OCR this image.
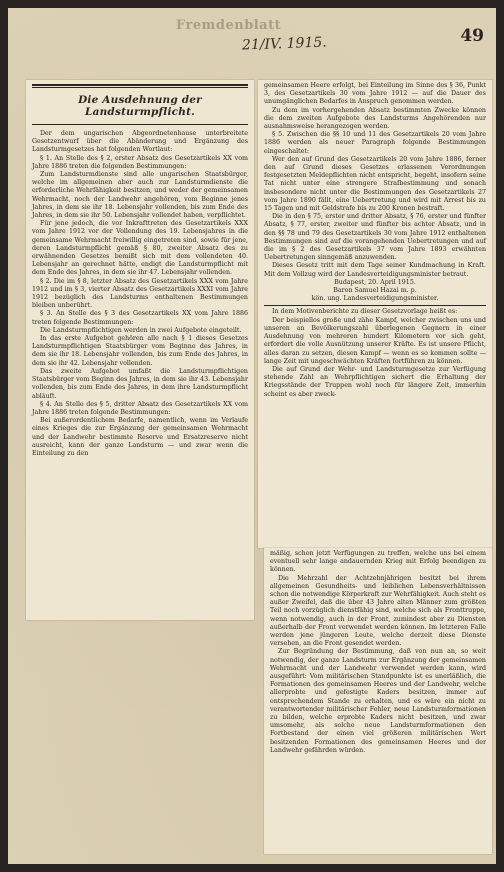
Fremdenblatt
21/IV. 1915.	49
Die Ausdehnung der Landsturmpflicht.

Der dem ungarischen Abgeordnetenhause unterbreitete Gesetzentwurf über die Abänderung und Ergänzung des Landsturmgesetzes hat folgenden Wortlaut:

§ 1. An Stelle des § 2, erster Absatz des Gesetzartikels XX vom Jahre 1886 treten die folgenden Bestimmungen:

Zum Landsturmdienste sind alle ungarischen Staatsbürger, welche im allgemeinen aber auch zur Landsturmdienste die erforderliche Wehrfähigkeit besitzen, und weder der gemeinsamen Wehrmacht, noch der Landwehr angehören, vom Beginne jenes Jahres, in dem sie ihr 18. Lebensjahr vollenden, bis zum Ende des Jahres, in dem sie ihr 50. Lebensjahr vollendet haben, verpflichtet.

Für jene jedoch, die vor Inkrafttreten des Gesetzartikels XXX vom Jahre 1912 vor der Vollendung des 19. Lebensjahres in die gemeinsame Wehrmacht freiwillig eingetreten sind, sowie für jene, deren Landsturmpflicht gemäß § 80, zweiter Absatz des zu erwähnenden Gesetzes bemißt sich mit dem vollendeten 40. Lebensjahr an gerechnet hätte, endigt die Landsturmpflicht mit dem Ende des Jahres, in dem sie ihr 47. Lebensjahr vollenden.

§ 2. Die im § 8, letzter Absatz des Gesetzartikels XXX vom Jahre 1912 und im § 3, vierter Absatz des Gesetzartikels XXXI vom Jahre 1912 bezüglich des Landsturms enthaltenen Bestimmungen bleiben unberührt.

§ 3. An Stelle des § 3 des Gesetzartikels XX vom Jahre 1886 treten folgende Bestimmungen:

Die Landsturmpflichtigen werden in zwei Aufgebote eingeteilt.

In das erste Aufgebot gehören alle nach § 1 dieses Gesetzes Landsturmpflichtigen Staatsbürger vom Beginne des Jahres, in dem sie ihr 18. Lebensjahr vollenden, bis zum Ende des Jahres, in dem sie ihr 42. Lebensjahr vollenden.

Das zweite Aufgebot umfaßt die Landsturmpflichtigen Staatsbürger vom Beginn des Jahres, in dem sie ihr 43. Lebensjahr vollenden, bis zum Ende des Jahres, in dem ihre Landsturmpflicht abläuft.

§ 4. An Stelle des § 5, dritter Absatz des Gesetzartikels XX vom Jahre 1886 treten folgende Bestimmungen:

Bei außerordentlichem Bedarfe, namentlich, wenn im Verlaufe eines Krieges die zur Ergänzung der gemeinsamen Wehrmacht und der Landwehr bestimmte Reserve und Ersatzreserve nicht ausreicht, kann der ganze Landsturm — und zwar wenn die Einteilung zu den

gemeinsamen Heere erfolgt, bei Einteilung im Sinne des § 36, Punkt 3, des Gesetzartikels 30 vom Jahre 1912 — auf die Dauer des unumgänglichen Bedarfes in Anspruch genommen werden.

Zu dem im vorhergehenden Absatz bestimmten Zwecke können die dem zweiten Aufgebote des Landsturms Angehörenden nur ausnahmsweise herangezogen werden.

§ 5. Zwischen die §§ 10 und 11 des Gesetzartikels 20 vom Jahre 1886 werden als neuer Paragraph folgende Bestimmungen eingeschaltet:

Wer den auf Grund des Gesetzartikels 20 vom Jahre 1886, ferner den auf Grund dieses Gesetzes erlassenen Verordnungen festgesetzten Meldepflichten nicht entspricht, begeht, insofern seine Tat nicht unter eine strengere Strafbestimmung und sonach insbesondere nicht unter die Bestimmungen des Gesetzartikels 27 vom Jahre 1890 fällt, eine Uebertretung und wird mit Arrest bis zu 15 Tagen und mit Geldstrafe bis zu 200 Kronen bestraft.

Die in den § 75, erster und dritter Absatz, § 76, erster und fünfter Absatz, § 77, erster, zweiter und fünfter bis achter Absatz, und in den §§ 78 und 79 des Gesetzartikels 30 vom Jahre 1912 enthaltenen Bestimmungen sind auf die vorangehenden Uebertretungen und auf die im § 2 des Gesetzartikels 37 vom Jahre 1893 erwähnten Uebertretungen sinngemäß anzuwenden.

Dieses Gesetz tritt mit dem Tage seiner Kundmachung in Kraft. Mit dem Vollzug wird der Landesverteidigungsminister betraut.

Budapest, 20. April 1915.

Baron Samuel Hazai m. p.

kön. ung. Landesverteidigungsminister.

In dem Motivenberichte zu dieser Gesetzvorlage heißt es:

Der beispiellos große und zähe Kampf, welcher zwischen uns und unseren an Bevölkerungszahl überlegenen Gegnern in einer Ausdehnung von mehreren hundert Kilometern vor sich geht, erfordert die volle Ausnützung unserer Kräfte. Es ist unsere Pflicht, alles daran zu setzen, diesen Kampf — wenn es so kommen sollte — lange Zeit mit ungeschwächten Kräften fortführen zu können.

Die auf Grund der Wehr- und Landsturmgesetze zur Verfügung stehende Zahl an Wehrpflichtigen sichert die Erhaltung der Kriegsstände der Truppen wohl noch für längere Zeit, immerhin scheint es aber zweck-

mäßig, schon jetzt Verfügungen zu treffen, welche uns bei einem eventuell sehr lange andauernden Krieg mit Erfolg beendigen zu können.

Die Mehrzahl der Achtzehnjährigen besitzt bei ihrem allgemeinen Gesundheits- und leiblichen Lebensverhältnissen schon die notwendige Körperkraft zur Wehrfähigkeit. Auch steht es außer Zweifel, daß die über 43 Jahre alten Männer zum größten Teil noch vorzüglich dienstfähig sind, welche sich als Fronttruppe, wenn notwendig, auch in der Front, zumindest aber zu Diensten außerhalb der Front verwendet werden können. Im letzteren Falle werden jene jüngeren Leute, welche derzeit diese Dienste versehen, an die Front gesendet werden.

Zur Begründung der Bestimmung, daß von nun an, so weit notwendig, der ganze Landsturm zur Ergänzung der gemeinsamen Wehrmacht und der Landwehr verwendet werden kann, wird ausgeführt: Vom militärischen Standpunkte ist es unerläßlich, die Formationen des gemeinsamen Heeres und der Landwehr, welche allerprobte und gefestigte Kaders besitzen, immer auf entsprechendem Stande zu erhalten, und es wäre ein nicht zu verantwortender militärischer Fehler, neue Landsturmformationen zu bilden, welche erprobte Kaders nicht besitzen, und zwar umsomehr, als solche neue Landsturmformationen den Fortbestand der einen viel größeren militärischen Wert besitzenden Formationen des gemeinsamen Heeres und der Landwehr gefährden würden.
